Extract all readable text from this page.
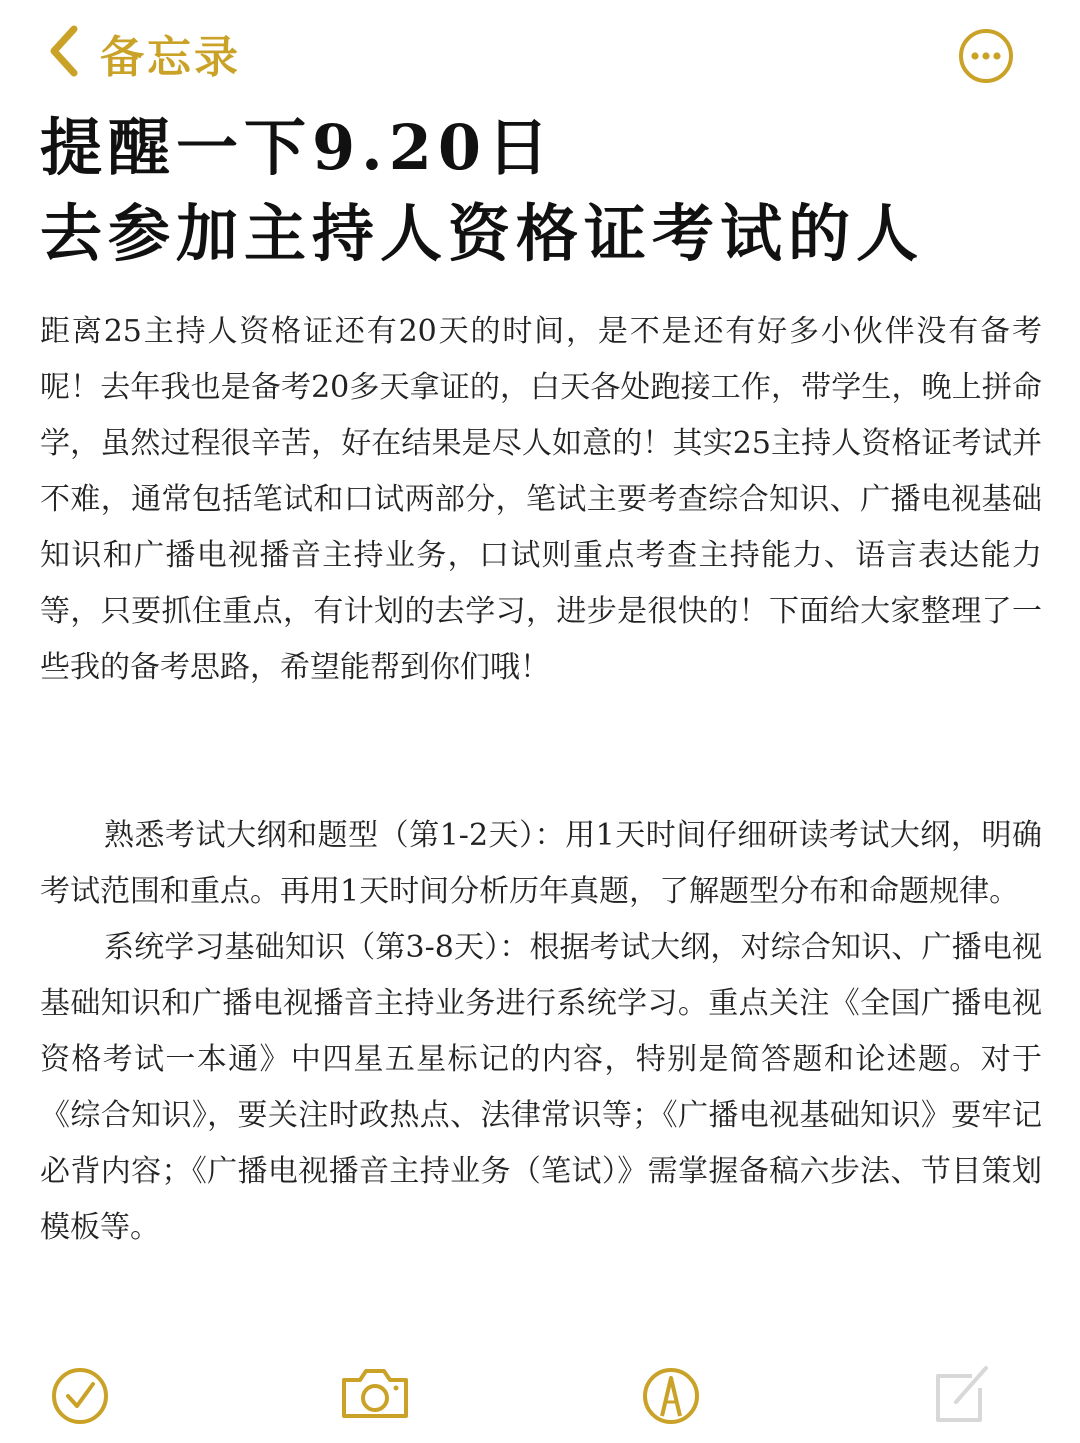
备忘录
提醒一下9.20日
去参加主持人资格证考试的人

距离25主持人资格证还有20天的时间，是不是还有好多小伙伴没有备考呢！去年我也是备考20多天拿证的，白天各处跑接工作，带学生，晚上拼命学，虽然过程很辛苦，好在结果是尽人如意的！其实25主持人资格证考试并不难，通常包括笔试和口试两部分，笔试主要考查综合知识、广播电视基础知识和广播电视播音主持业务，口试则重点考查主持能力、语言表达能力等，只要抓住重点，有计划的去学习，进步是很快的！下面给大家整理了一些我的备考思路，希望能帮到你们哦！

熟悉考试大纲和题型（第1-2天）：用1天时间仔细研读考试大纲，明确考试范围和重点。再用1天时间分析历年真题，了解题型分布和命题规律。

系统学习基础知识（第3-8天）：根据考试大纲，对综合知识、广播电视基础知识和广播电视播音主持业务进行系统学习。重点关注《全国广播电视资格考试一本通》中四星五星标记的内容，特别是简答题和论述题。对于《综合知识》，要关注时政热点、法律常识等；《广播电视基础知识》要牢记必背内容；《广播电视播音主持业务（笔试）》需掌握备稿六步法、节目策划模板等。
